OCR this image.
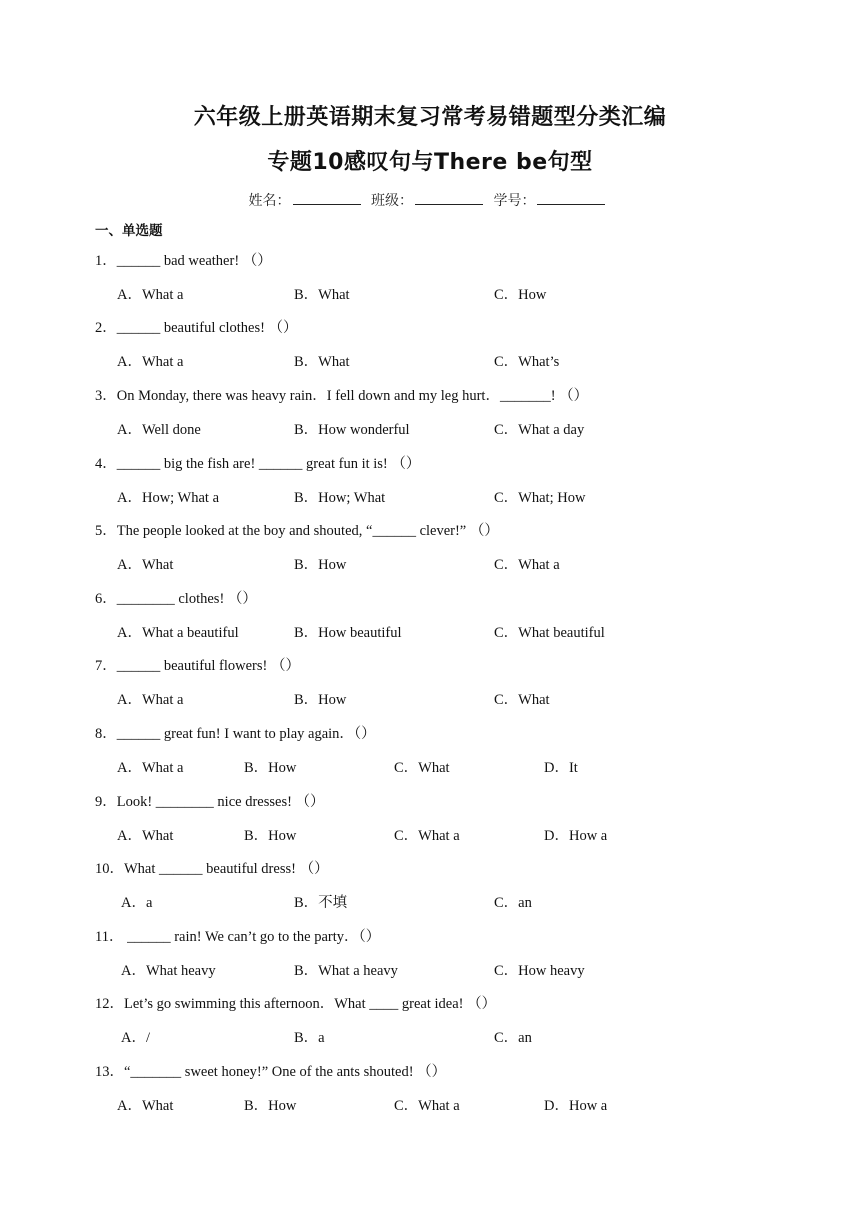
六年级上册英语期末复习常考易错题型分类汇编
专题10感叹句与There be句型
姓名：	班级：	学号：
一、单选题
1．______ bad weather! （）
A．What a	B．What	C．How
2．______ beautiful clothes! （）
A．What a	B．What	C．What’s
3．On Monday, there was heavy rain．I fell down and my leg hurt．_______! （）
A．Well done	B．How wonderful	C．What a day
4．______ big the fish are! ______ great fun it is! （）
A．How; What a	B．How; What	C．What; How
5．The people looked at the boy and shouted, “______ clever!” （）
A．What	B．How	C．What a
6．________ clothes! （）
A．What a beautiful	B．How beautiful	C．What beautiful
7．______ beautiful flowers! （）
A．What a	B．How	C．What
8．______ great fun! I want to play again．（）
A．What a	B．How	C．What	D．It
9．Look! ________ nice dresses! （）
A．What	B．How	C．What a	D．How a
10．What ______ beautiful dress! （）
A．a	B．不填	C．an
11． ______ rain! We can’t go to the party．（）
A．What heavy	B．What a heavy	C．How heavy
12．Let’s go swimming this afternoon．What ____ great idea! （）
A．/	B．a	C．an
13．“_______ sweet honey!” One of the ants shouted! （）
A．What	B．How	C．What a	D．How a
